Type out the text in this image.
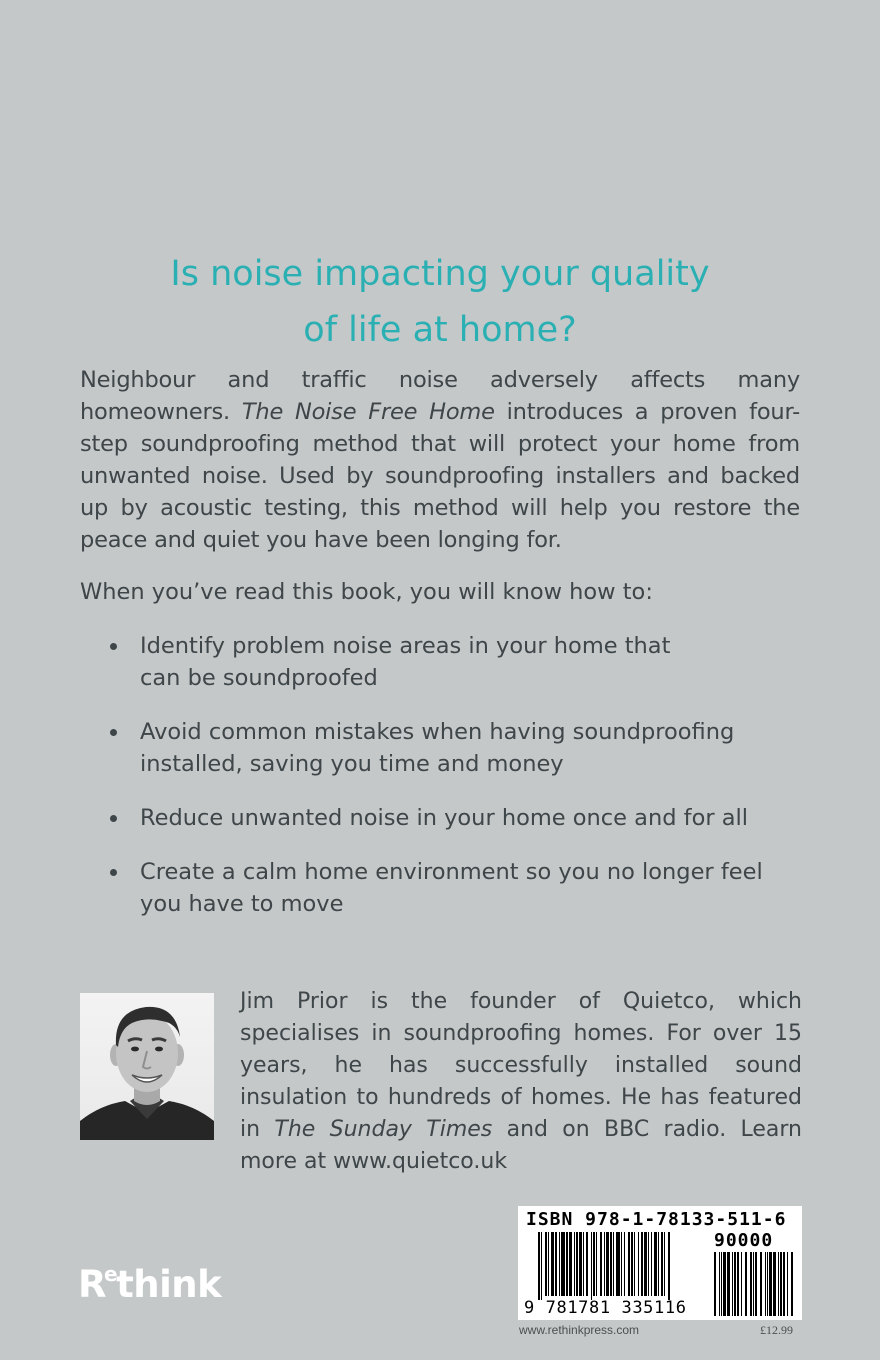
Is noise impacting your quality
of life at home?

Neighbour and traffic noise adversely affects many homeowners. The Noise Free Home introduces a proven four-step soundproofing method that will protect your home from unwanted noise. Used by soundproofing installers and backed up by acoustic testing, this method will help you restore the peace and quiet you have been longing for.

When you’ve read this book, you will know how to:

Identify problem noise areas in your home that can be soundproofed
Avoid common mistakes when having soundproofing installed, saving you time and money
Reduce unwanted noise in your home once and for all
Create a calm home environment so you no longer feel you have to move

Jim Prior is the founder of Quietco, which specialises in soundproofing homes. For over 15 years, he has successfully installed sound insulation to hundreds of homes. He has featured in The Sunday Times and on BBC radio. Learn more at www.quietco.uk

$R^ethink$
ISBN 978-1-78133-511-6
90000
9 781781 335116
www.rethinkpress.com	£12.99
